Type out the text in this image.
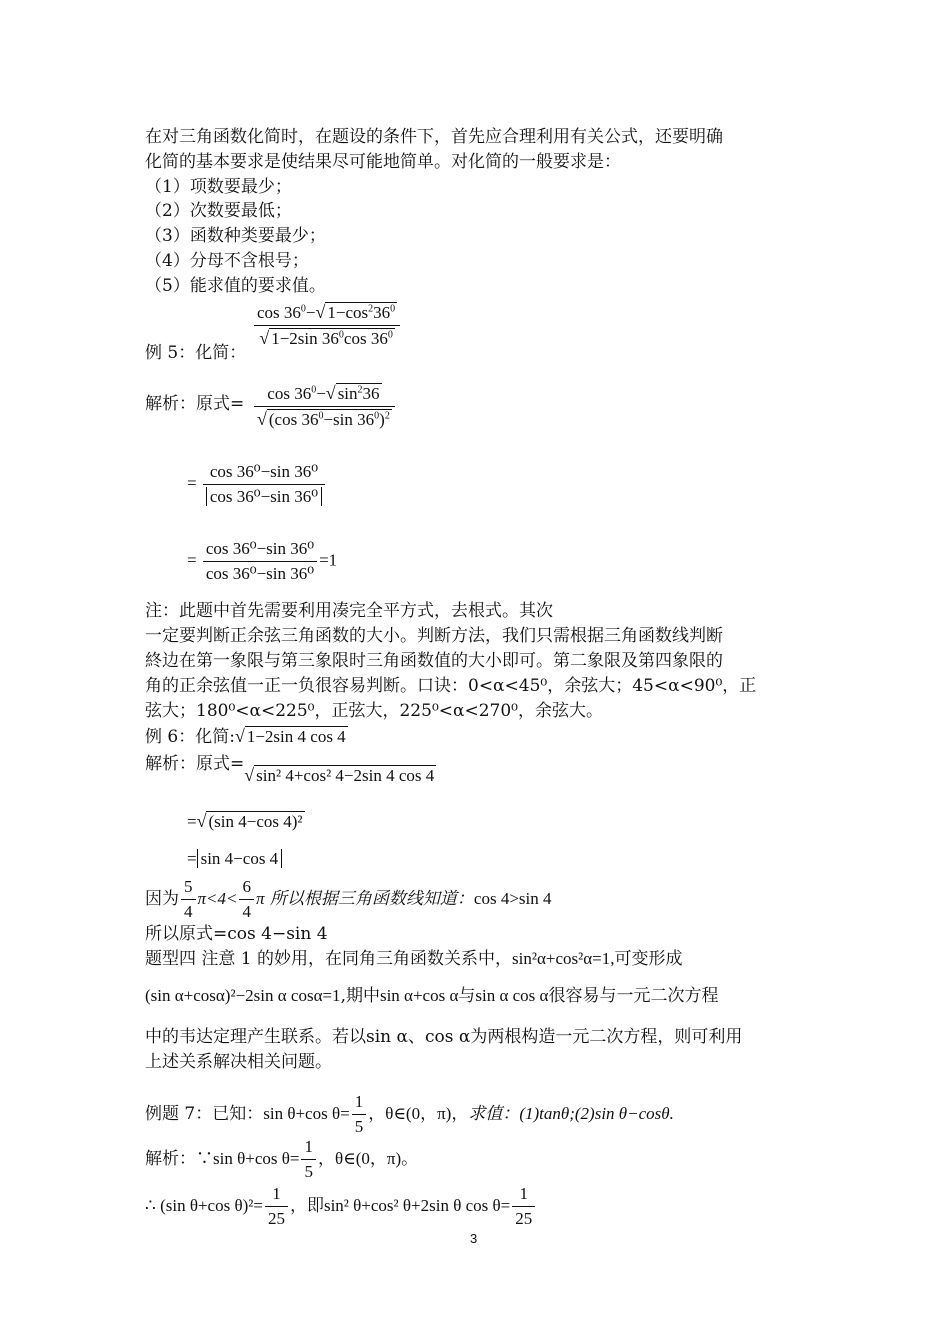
在对三角函数化简时，在题设的条件下，首先应合理利用有关公式，还要明确
化简的基本要求是使结果尽可能地简单。对化简的一般要求是：
（1）项数要最少；
（2）次数要最低；
（3）函数种类要最少；
（4）分母不含根号；
（5）能求值的要求值。
例 5：化简：
$\frac{\cos 36^0-√ 1-\cos^236^0}{√ 1-2\sin 36^0\cos 36^0}$
解析：原式= $\frac{\cos 36^0-√ \sin^236}{√ (\cos 36^0-\sin 36^0)^2}$
= $\frac{\text{cos 36⁰−sin 36⁰}}{\text{cos 36⁰−sin 36⁰}}$
= $\frac{\text{cos 36⁰−sin 36⁰}}{\text{cos 36⁰−sin 36⁰}} =1$
注：此题中首先需要利用凑完全平方式，去根式。其次
一定要判断正余弦三角函数的大小。判断方法，我们只需根据三角函数线判断
終边在第一象限与第三象限时三角函数值的大小即可。第二象限及第四象限的
角的正余弦值一正一负很容易判断。口诀：0<α<45⁰，余弦大；45<α<90⁰，正
弦大；180⁰<α<225⁰，正弦大，225⁰<α<270⁰，余弦大。
例 6：化简:√ 1−2sin 4 cos 4
解析：原式=√ sin² 4+cos² 4−2sin 4 cos 4
=√ (sin 4−cos 4)²
= sin 4−cos 4
因为 $\frac{5}{4} \pi<4< \frac{6}{4}$ π 所以根据三角函数线知道：cos 4>sin 4
所以原式=cos 4−sin 4
题型四 注意 1 的妙用，在同角三角函数关系中，sin²α+cos²α=1,可变形成
(sin α+cosα)²−2sin α cosα=1,期中sin α+cos α与sin α cos α很容易与一元二次方程
中的韦达定理产生联系。若以sin α、cos α为两根构造一元二次方程，则可利用
上述关系解决相关问题。
例题 7：已知：sin θ+cos $\theta= \frac{1}{5}$ ，θ∈(0，π)，求值：(1)tanθ;(2)sin θ−cosθ.
解析：∵sin θ+cos $\theta= \frac{1}{5}$ ，θ∈(0，π)。
∴ (sin θ+cos $\theta)^2= \frac{1}{25}$ ，即sin² θ+cos² θ+2sin θ $\cos \theta= \frac{1}{25}$
3
